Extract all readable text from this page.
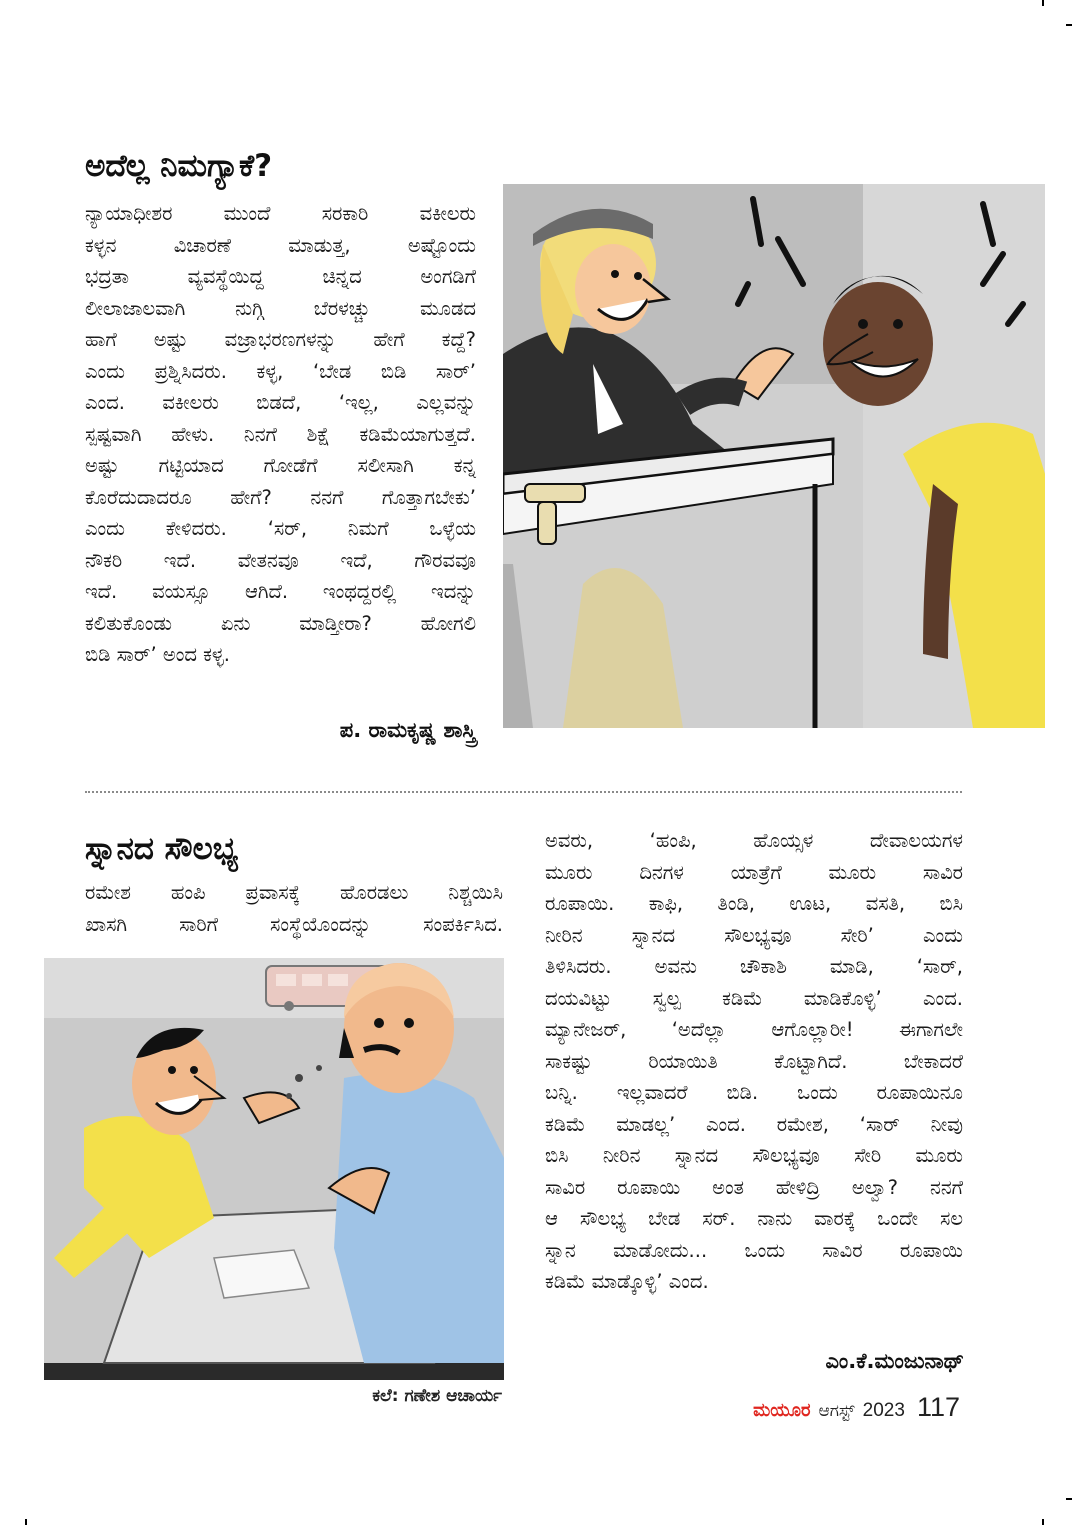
ಅದೆಲ್ಲ ನಿಮಗ್ಯಾಕೆ?
ನ್ಯಾಯಾಧೀಶರ ಮುಂದೆ ಸರಕಾರಿ ವಕೀಲರು
ಕಳ್ಳನ ವಿಚಾರಣೆ ಮಾಡುತ್ತ, ಅಷ್ಟೊಂದು
ಭದ್ರತಾ ವ್ಯವಸ್ಥೆಯಿದ್ದ ಚಿನ್ನದ ಅಂಗಡಿಗೆ
ಲೀಲಾಜಾಲವಾಗಿ ನುಗ್ಗಿ ಬೆರಳಚ್ಚು ಮೂಡದ
ಹಾಗೆ ಅಷ್ಟು ವಜ್ರಾಭರಣಗಳನ್ನು ಹೇಗೆ ಕದ್ದೆ?
ಎಂದು ಪ್ರಶ್ನಿಸಿದರು. ಕಳ್ಳ, ‘ಬೇಡ ಬಿಡಿ ಸಾರ್’
ಎಂದ. ವಕೀಲರು ಬಿಡದೆ, ‘ಇಲ್ಲ, ಎಲ್ಲವನ್ನು
ಸ್ಪಷ್ಟವಾಗಿ ಹೇಳು. ನಿನಗೆ ಶಿಕ್ಷೆ ಕಡಿಮೆಯಾಗುತ್ತದೆ.
ಅಷ್ಟು ಗಟ್ಟಿಯಾದ ಗೋಡೆಗೆ ಸಲೀಸಾಗಿ ಕನ್ನ
ಕೊರೆದುದಾದರೂ ಹೇಗೆ? ನನಗೆ ಗೊತ್ತಾಗಬೇಕು’
ಎಂದು ಕೇಳಿದರು. ‘ಸರ್, ನಿಮಗೆ ಒಳ್ಳೆಯ
ನೌಕರಿ ಇದೆ. ವೇತನವೂ ಇದೆ, ಗೌರವವೂ
ಇದೆ. ವಯಸ್ಸೂ ಆಗಿದೆ. ಇಂಥದ್ದರಲ್ಲಿ ಇದನ್ನು
ಕಲಿತುಕೊಂಡು ಏನು ಮಾಡ್ತೀರಾ? ಹೋಗಲಿ
ಬಿಡಿ ಸಾರ್’ ಅಂದ ಕಳ್ಳ.
ಪ. ರಾಮಕೃಷ್ಣ ಶಾಸ್ತ್ರಿ
ಸ್ನಾನದ ಸೌಲಭ್ಯ
ರಮೇಶ ಹಂಪಿ ಪ್ರವಾಸಕ್ಕೆ ಹೊರಡಲು ನಿಶ್ಚಯಿಸಿ
ಖಾಸಗಿ ಸಾರಿಗೆ ಸಂಸ್ಥೆಯೊಂದನ್ನು ಸಂಪರ್ಕಿಸಿದ.
ಅವರು, ‘ಹಂಪಿ, ಹೊಯ್ಸಳ ದೇವಾಲಯಗಳ
ಮೂರು ದಿನಗಳ ಯಾತ್ರೆಗೆ ಮೂರು ಸಾವಿರ
ರೂಪಾಯಿ. ಕಾಫಿ, ತಿಂಡಿ, ಊಟ, ವಸತಿ, ಬಿಸಿ
ನೀರಿನ ಸ್ನಾನದ ಸೌಲಭ್ಯವೂ ಸೇರಿ’ ಎಂದು
ತಿಳಿಸಿದರು. ಅವನು ಚೌಕಾಶಿ ಮಾಡಿ, ‘ಸಾರ್,
ದಯವಿಟ್ಟು ಸ್ವಲ್ಪ ಕಡಿಮೆ ಮಾಡಿಕೊಳ್ಳಿ’ ಎಂದ.
ಮ್ಯಾನೇಜರ್, ‘ಅದೆಲ್ಲಾ ಆಗೊಲ್ಲಾರೀ! ಈಗಾಗಲೇ
ಸಾಕಷ್ಟು ರಿಯಾಯಿತಿ ಕೊಟ್ಟಾಗಿದೆ. ಬೇಕಾದರೆ
ಬನ್ನಿ. ಇಲ್ಲವಾದರೆ ಬಿಡಿ. ಒಂದು ರೂಪಾಯಿನೂ
ಕಡಿಮೆ ಮಾಡಲ್ಲ’ ಎಂದ. ರಮೇಶ, ‘ಸಾರ್ ನೀವು
ಬಿಸಿ ನೀರಿನ ಸ್ನಾನದ ಸೌಲಭ್ಯವೂ ಸೇರಿ ಮೂರು
ಸಾವಿರ ರೂಪಾಯಿ ಅಂತ ಹೇಳಿದ್ರಿ ಅಲ್ವಾ? ನನಗೆ
ಆ ಸೌಲಭ್ಯ ಬೇಡ ಸರ್. ನಾನು ವಾರಕ್ಕೆ ಒಂದೇ ಸಲ
ಸ್ನಾನ ಮಾಡೋದು... ಒಂದು ಸಾವಿರ ರೂಪಾಯಿ
ಕಡಿಮೆ ಮಾಡ್ಕೊಳ್ಳಿ’ ಎಂದ.
ಎಂ.ಕೆ.ಮಂಜುನಾಥ್
ಕಲೆ: ಗಣೇಶ ಆಚಾರ್ಯ
ಮಯೂರ ಆಗಸ್ಟ್ 2023 117
